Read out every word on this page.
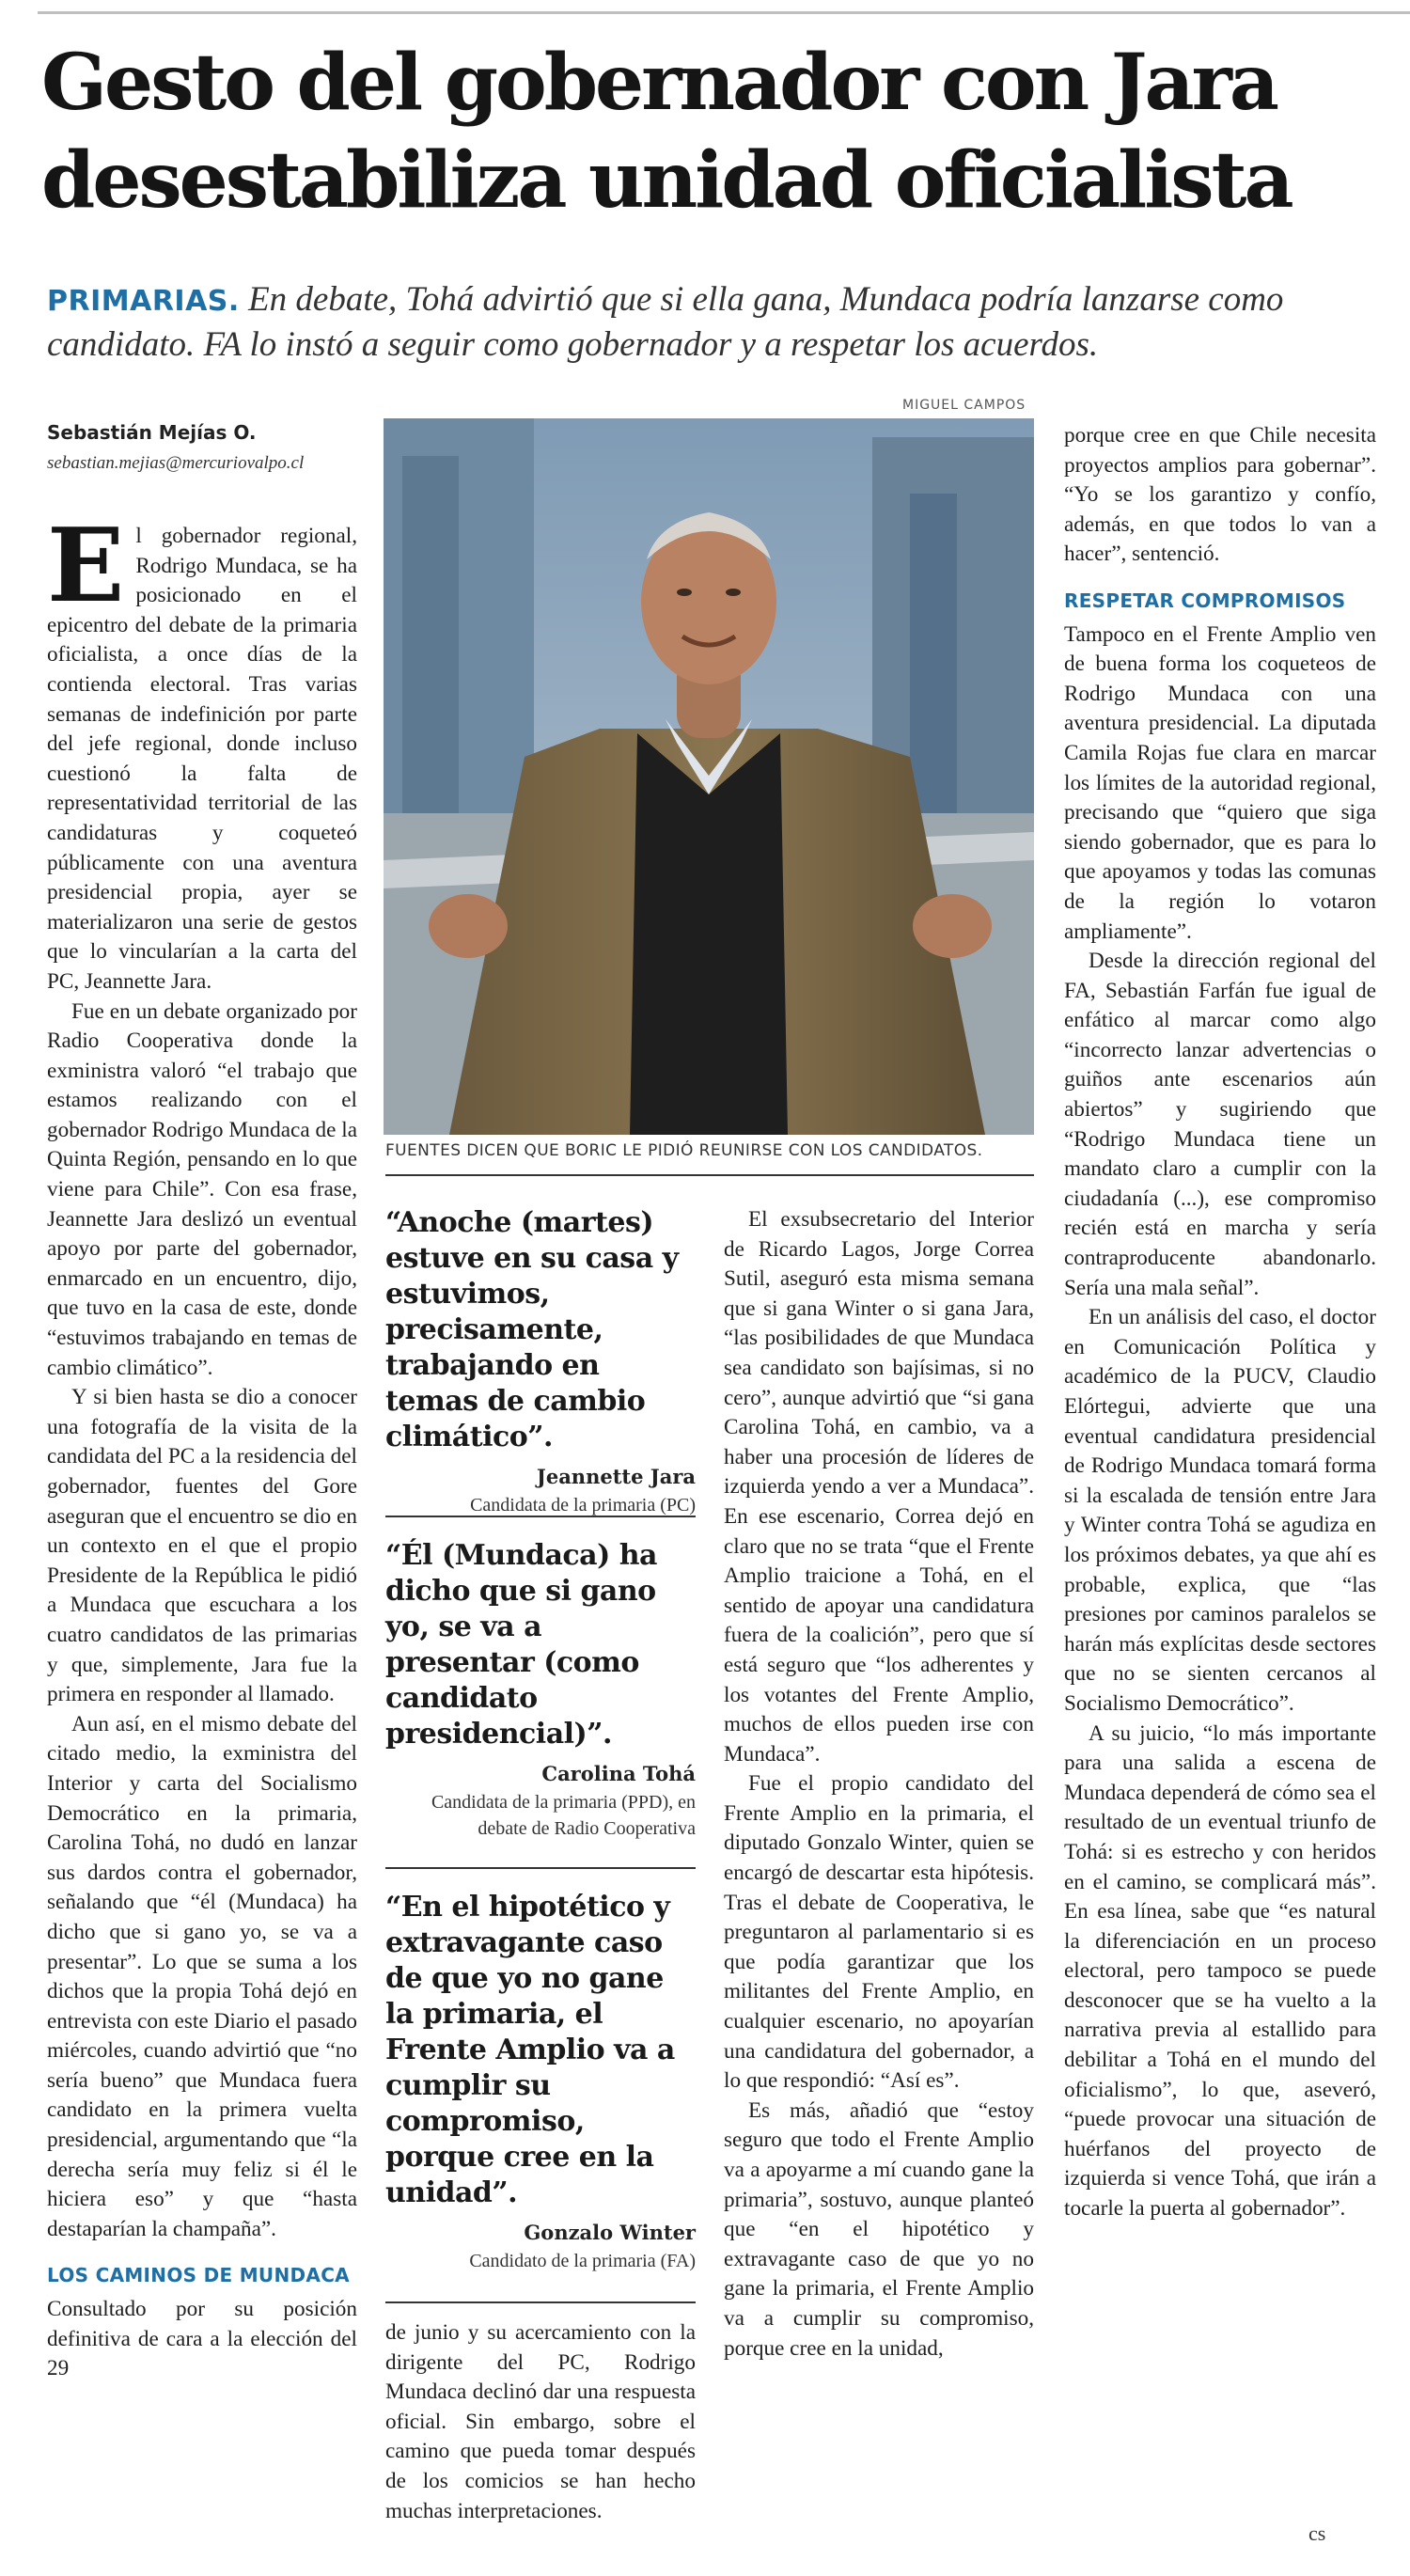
Gesto del gobernador con Jara
desestabiliza unidad oficialista
PRIMARIAS. En debate, Tohá advirtió que si ella gana, Mundaca podría lanzarse como candidato. FA lo instó a seguir como gobernador y a respetar los acuerdos.
Sebastián Mejías O.
sebastian.mejias@mercuriovalpo.cl

El gobernador regional, Rodrigo Mundaca, se ha posicionado en el epicentro del debate de la primaria oficialista, a once días de la contienda electoral. Tras varias semanas de indefinición por parte del jefe regional, donde incluso cuestionó la falta de representatividad territorial de las candidaturas y coqueteó públicamente con una aventura presidencial propia, ayer se materializaron una serie de gestos que lo vincularían a la carta del PC, Jeannette Jara.

Fue en un debate organizado por Radio Cooperativa donde la exministra valoró “el trabajo que estamos realizando con el gobernador Rodrigo Mundaca de la Quinta Región, pensando en lo que viene para Chile”. Con esa frase, Jeannette Jara deslizó un eventual apoyo por parte del gobernador, enmarcado en un encuentro, dijo, que tuvo en la casa de este, donde “estuvimos trabajando en temas de cambio climático”.

Y si bien hasta se dio a conocer una fotografía de la visita de la candidata del PC a la residencia del gobernador, fuentes del Gore aseguran que el encuentro se dio en un contexto en el que el propio Presidente de la República le pidió a Mundaca que escuchara a los cuatro candidatos de las primarias y que, simplemente, Jara fue la primera en responder al llamado.

Aun así, en el mismo debate del citado medio, la exministra del Interior y carta del Socialismo Democrático en la primaria, Carolina Tohá, no dudó en lanzar sus dardos contra el gobernador, señalando que “él (Mundaca) ha dicho que si gano yo, se va a presentar”. Lo que se suma a los dichos que la propia Tohá dejó en entrevista con este Diario el pasado miércoles, cuando advirtió que “no sería bueno” que Mundaca fuera candidato en la primera vuelta presidencial, argumentando que “la derecha sería muy feliz si él le hiciera eso” y que “hasta destaparían la champaña”.

LOS CAMINOS DE MUNDACA

Consultado por su posición definitiva de cara a la elección del 29

MIGUEL CAMPOS
FUENTES DICEN QUE BORIC LE PIDIÓ REUNIRSE CON LOS CANDIDATOS.
“Anoche (martes) estuve en su casa y estuvimos, precisamente, trabajando en temas de cambio climático”.
Jeannette Jara
Candidata de la primaria (PC)
“Él (Mundaca) ha dicho que si gano yo, se va a presentar (como candidato presidencial)”.
Carolina Tohá
Candidata de la primaria (PPD), en debate de Radio Cooperativa
“En el hipotético y extravagante caso de que yo no gane la primaria, el Frente Amplio va a cumplir su compromiso, porque cree en la unidad”.
Gonzalo Winter
Candidato de la primaria (FA)

de junio y su acercamiento con la dirigente del PC, Rodrigo Mundaca declinó dar una respuesta oficial. Sin embargo, sobre el camino que pueda tomar después de los comicios se han hecho muchas interpretaciones.

El exsubsecretario del Interior de Ricardo Lagos, Jorge Correa Sutil, aseguró esta misma semana que si gana Winter o si gana Jara, “las posibilidades de que Mundaca sea candidato son bajísimas, si no cero”, aunque advirtió que “si gana Carolina Tohá, en cambio, va a haber una procesión de líderes de izquierda yendo a ver a Mundaca”. En ese escenario, Correa dejó en claro que no se trata “que el Frente Amplio traicione a Tohá, en el sentido de apoyar una candidatura fuera de la coalición”, pero que sí está seguro que “los adherentes y los votantes del Frente Amplio, muchos de ellos pueden irse con Mundaca”.

Fue el propio candidato del Frente Amplio en la primaria, el diputado Gonzalo Winter, quien se encargó de descartar esta hipótesis. Tras el debate de Cooperativa, le preguntaron al parlamentario si es que podía garantizar que los militantes del Frente Amplio, en cualquier escenario, no apoyarían una candidatura del gobernador, a lo que respondió: “Así es”.

Es más, añadió que “estoy seguro que todo el Frente Amplio va a apoyarme a mí cuando gane la primaria”, sostuvo, aunque planteó que “en el hipotético y extravagante caso de que yo no gane la primaria, el Frente Amplio va a cumplir su compromiso, porque cree en la unidad,

porque cree en que Chile necesita proyectos amplios para gobernar”. “Yo se los garantizo y confío, además, en que todos lo van a hacer”, sentenció.

RESPETAR COMPROMISOS

Tampoco en el Frente Amplio ven de buena forma los coqueteos de Rodrigo Mundaca con una aventura presidencial. La diputada Camila Rojas fue clara en marcar los límites de la autoridad regional, precisando que “quiero que siga siendo gobernador, que es para lo que apoyamos y todas las comunas de la región lo votaron ampliamente”.

Desde la dirección regional del FA, Sebastián Farfán fue igual de enfático al marcar como algo “incorrecto lanzar advertencias o guiños ante escenarios aún abiertos” y sugiriendo que “Rodrigo Mundaca tiene un mandato claro a cumplir con la ciudadanía (...), ese compromiso recién está en marcha y sería contraproducente abandonarlo. Sería una mala señal”.

En un análisis del caso, el doctor en Comunicación Política y académico de la PUCV, Claudio Elórtegui, advierte que una eventual candidatura presidencial de Rodrigo Mundaca tomará forma si la escalada de tensión entre Jara y Winter contra Tohá se agudiza en los próximos debates, ya que ahí es probable, explica, que “las presiones por caminos paralelos se harán más explícitas desde sectores que no se sienten cercanos al Socialismo Democrático”.

A su juicio, “lo más importante para una salida a escena de Mundaca dependerá de cómo sea el resultado de un eventual triunfo de Tohá: si es estrecho y con heridos en el camino, se complicará más”. En esa línea, sabe que “es natural la diferenciación en un proceso electoral, pero tampoco se puede desconocer que se ha vuelto a la narrativa previa al estallido para debilitar a Tohá en el mundo del oficialismo”, lo que, aseveró, “puede provocar una situación de huérfanos del proyecto de izquierda si vence Tohá, que irán a tocarle la puerta al gobernador”.

cs
